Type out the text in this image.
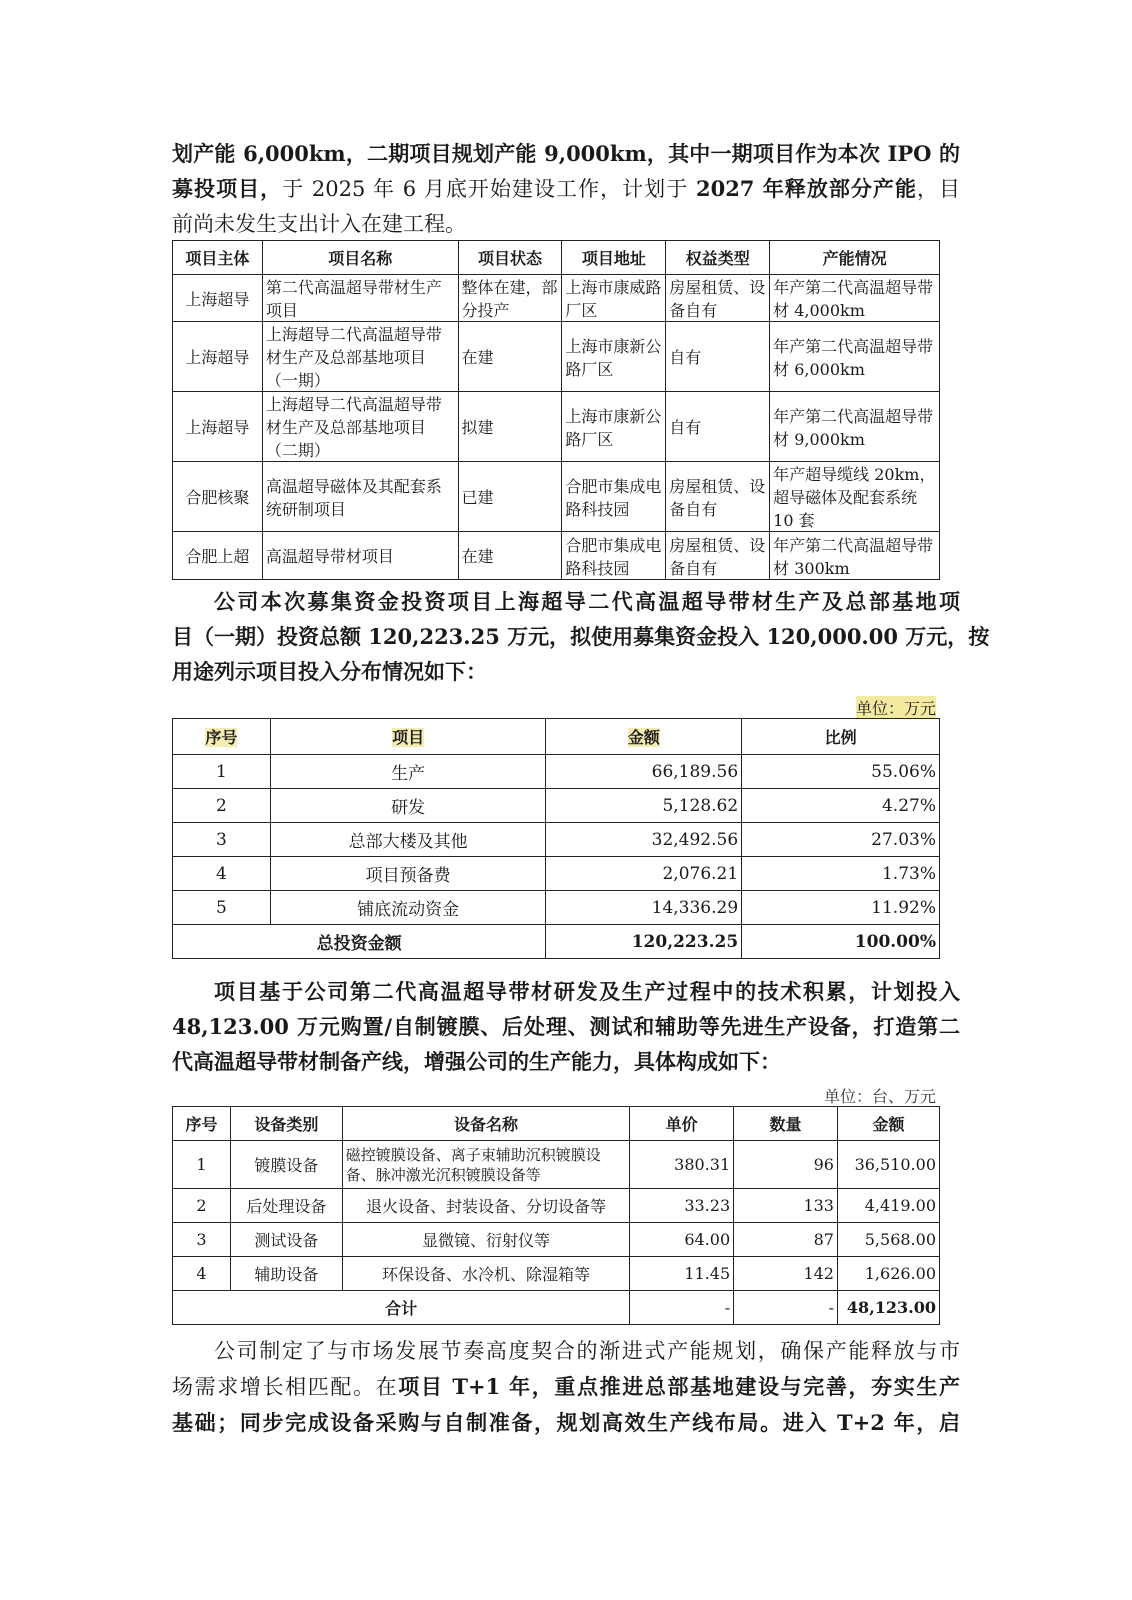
划产能 6,000km，二期项目规划产能 9,000km，其中一期项目作为本次 IPO 的
募投项目，于 2025 年 6 月底开始建设工作，计划于 2027 年释放部分产能，目
前尚未发生支出计入在建工程。
项目主体	项目名称	项目状态	项目地址	权益类型	产能情况
上海超导	第二代高温超导带材生产项目	整体在建，部分投产	上海市康威路厂区	房屋租赁、设备自有	年产第二代高温超导带材 4,000km
上海超导	上海超导二代高温超导带材生产及总部基地项目（一期）	在建	上海市康新公路厂区	自有	年产第二代高温超导带材 6,000km
上海超导	上海超导二代高温超导带材生产及总部基地项目（二期）	拟建	上海市康新公路厂区	自有	年产第二代高温超导带材 9,000km
合肥核聚	高温超导磁体及其配套系统研制项目	已建	合肥市集成电路科技园	房屋租赁、设备自有	年产超导缆线 20km，超导磁体及配套系统 10 套
合肥上超	高温超导带材项目	在建	合肥市集成电路科技园	房屋租赁、设备自有	年产第二代高温超导带材 300km
公司本次募集资金投资项目上海超导二代高温超导带材生产及总部基地项
目（一期）投资总额 120,223.25 万元，拟使用募集资金投入 120,000.00 万元，按
用途列示项目投入分布情况如下：
单位：万元
序号	项目	金额	比例
1	生产	66,189.56	55.06%
2	研发	5,128.62	4.27%
3	总部大楼及其他	32,492.56	27.03%
4	项目预备费	2,076.21	1.73%
5	铺底流动资金	14,336.29	11.92%
总投资金额		120,223.25	100.00%
项目基于公司第二代高温超导带材研发及生产过程中的技术积累，计划投入
48,123.00 万元购置/自制镀膜、后处理、测试和辅助等先进生产设备，打造第二
代高温超导带材制备产线，增强公司的生产能力，具体构成如下：
单位：台、万元
序号	设备类别	设备名称	单价	数量	金额
1	镀膜设备	磁控镀膜设备、离子束辅助沉积镀膜设备、脉冲激光沉积镀膜设备等	380.31	96	36,510.00
2	后处理设备	退火设备、封装设备、分切设备等	33.23	133	4,419.00
3	测试设备	显微镜、衍射仪等	64.00	87	5,568.00
4	辅助设备	环保设备、水冷机、除湿箱等	11.45	142	1,626.00
合计			-	-	48,123.00
公司制定了与市场发展节奏高度契合的渐进式产能规划，确保产能释放与市
场需求增长相匹配。在项目 T+1 年，重点推进总部基地建设与完善，夯实生产
基础；同步完成设备采购与自制准备，规划高效生产线布局。进入 T+2 年，启
